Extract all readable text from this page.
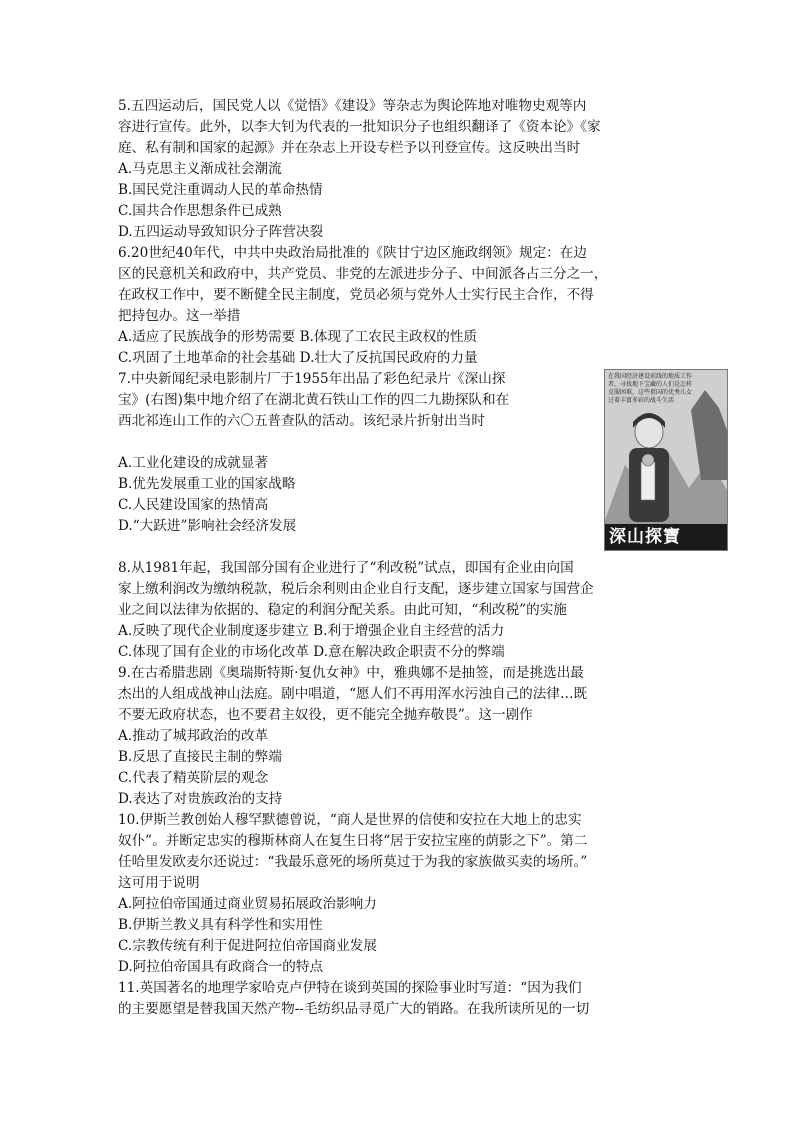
5.五四运动后，国民党人以《觉悟》《建设》等杂志为舆论阵地对唯物史观等内
容进行宣传。此外，以李大钊为代表的一批知识分子也组织翻译了《资本论》《家
庭、私有制和国家的起源》并在杂志上开设专栏予以刊登宣传。这反映出当时
A.马克思主义渐成社会潮流
B.国民党注重调动人民的革命热情
C.国共合作思想条件已成熟
D.五四运动导致知识分子阵营决裂
6.20世纪40年代，中共中央政治局批准的《陕甘宁边区施政纲领》规定：在边
区的民意机关和政府中，共产党员、非党的左派进步分子、中间派各占三分之一，
在政权工作中，要不断健全民主制度，党员必须与党外人士实行民主合作，不得
把持包办。这一举措
A.适应了民族战争的形势需要 B.体现了工农民主政权的性质
C.巩固了土地革命的社会基础 D.壮大了反抗国民政府的力量
7.中央新闻纪录电影制片厂于1955年出品了彩色纪录片《深山探
宝》(右图)集中地介绍了在湖北黄石铁山工作的四二九勘探队和在
西北祁连山工作的六〇五普查队的活动。该纪录片折射出当时
A.工业化建设的成就显著
B.优先发展重工业的国家战略
C.人民建设国家的热情高
D.“大跃进”影响社会经济发展
在我国经济建设前线的地质工作者，寻找地下宝藏的人们是怎样克服困难，这些祖国的优秀儿女过着丰富多彩的战斗生活
深山探寶
8.从1981年起，我国部分国有企业进行了“利改税”试点，即国有企业由向国
家上缴利润改为缴纳税款，税后余利则由企业自行支配，逐步建立国家与国营企
业之间以法律为依据的、稳定的利润分配关系。由此可知，“利改税”的实施
A.反映了现代企业制度逐步建立 B.利于增强企业自主经营的活力
C.体现了国有企业的市场化改革 D.意在解决政企职责不分的弊端
9.在古希腊悲剧《奥瑞斯特斯·复仇女神》中，雅典娜不是抽签，而是挑选出最
杰出的人组成战神山法庭。剧中唱道，“愿人们不再用浑水污浊自己的法律…既
不要无政府状态，也不要君主奴役，更不能完全抛弃敬畏”。这一剧作
A.推动了城邦政治的改革
B.反思了直接民主制的弊端
C.代表了精英阶层的观念
D.表达了对贵族政治的支持
10.伊斯兰教创始人穆罕默德曾说，“商人是世界的信使和安拉在大地上的忠实
奴仆”。并断定忠实的穆斯林商人在复生日将“居于安拉宝座的荫影之下”。第二
任哈里发欧麦尔还说过：“我最乐意死的场所莫过于为我的家族做买卖的场所。”
这可用于说明
A.阿拉伯帝国通过商业贸易拓展政治影响力
B.伊斯兰教义具有科学性和实用性
C.宗教传统有利于促进阿拉伯帝国商业发展
D.阿拉伯帝国具有政商合一的特点
11.英国著名的地理学家哈克卢伊特在谈到英国的探险事业时写道：“因为我们
的主要愿望是替我国天然产物--毛纺织品寻觅广大的销路。在我所读所见的一切
